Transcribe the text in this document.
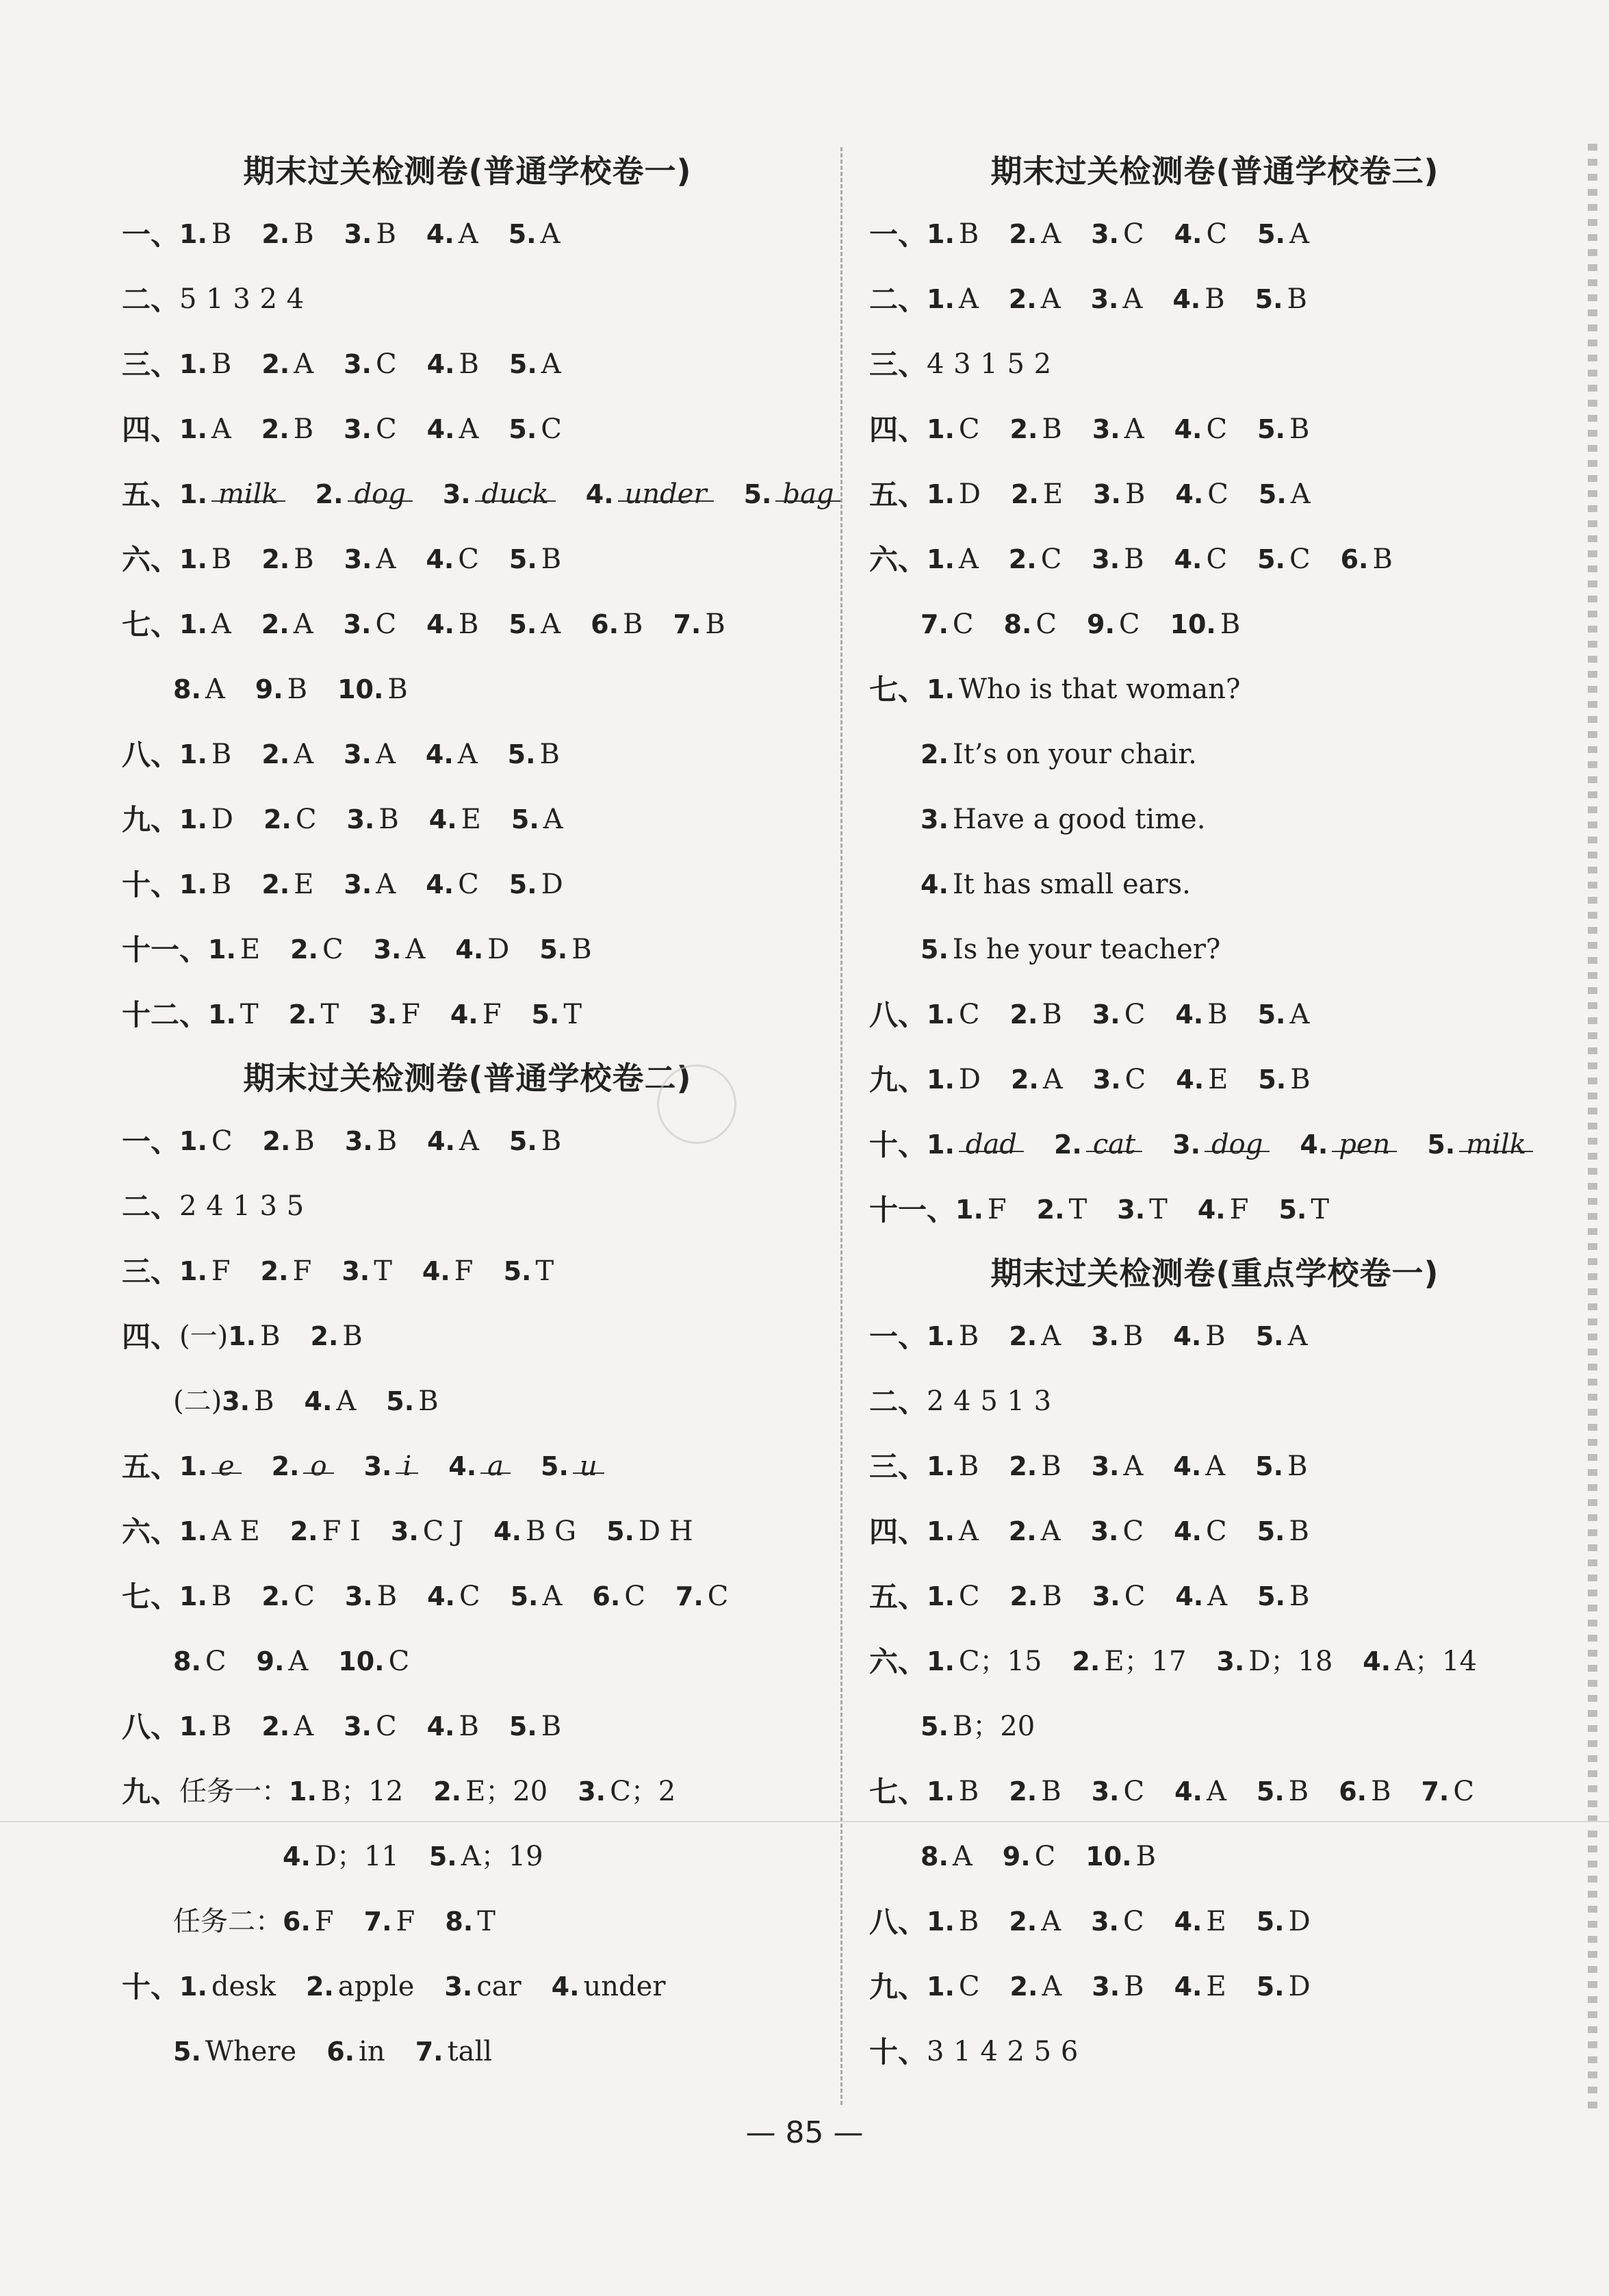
期末过关检测卷(普通学校卷一)
一、 1. B 2. B 3. B 4. A 5. A
二、 5 1 3 2 4
三、 1. B 2. A 3. C 4. B 5. A
四、 1. A 2. B 3. C 4. A 5. C
五、 1. milk 2. dog 3. duck 4. under 5. bag
六、 1. B 2. B 3. A 4. C 5. B
七、 1. A 2. A 3. C 4. B 5. A 6. B 7. B
8. A 9. B 10. B
八、 1. B 2. A 3. A 4. A 5. B
九、 1. D 2. C 3. B 4. E 5. A
十、 1. B 2. E 3. A 4. C 5. D
十一、 1. E 2. C 3. A 4. D 5. B
十二、 1. T 2. T 3. F 4. F 5. T
期末过关检测卷(普通学校卷二)
一、 1. C 2. B 3. B 4. A 5. B
二、 2 4 1 3 5
三、 1. F 2. F 3. T 4. F 5. T
四、 (一) 1. B 2. B
(二) 3. B 4. A 5. B
五、 1. e 2. o 3. i 4. a 5. u
六、 1. A E 2. F I 3. C J 4. B G 5. D H
七、 1. B 2. C 3. B 4. C 5. A 6. C 7. C
8. C 9. A 10. C
八、 1. B 2. A 3. C 4. B 5. B
九、 任务一： 1. B；12 2. E；20 3. C；2
4. D；11 5. A；19
任务二： 6. F 7. F 8. T
十、 1. desk 2. apple 3. car 4. under
5. Where 6. in 7. tall
期末过关检测卷(普通学校卷三)
一、 1. B 2. A 3. C 4. C 5. A
二、 1. A 2. A 3. A 4. B 5. B
三、 4 3 1 5 2
四、 1. C 2. B 3. A 4. C 5. B
五、 1. D 2. E 3. B 4. C 5. A
六、 1. A 2. C 3. B 4. C 5. C 6. B
7. C 8. C 9. C 10. B
七、 1. Who is that woman?
2. It’s on your chair.
3. Have a good time.
4. It has small ears.
5. Is he your teacher?
八、 1. C 2. B 3. C 4. B 5. A
九、 1. D 2. A 3. C 4. E 5. B
十、 1. dad 2. cat 3. dog 4. pen 5. milk
十一、 1. F 2. T 3. T 4. F 5. T
期末过关检测卷(重点学校卷一)
一、 1. B 2. A 3. B 4. B 5. A
二、 2 4 5 1 3
三、 1. B 2. B 3. A 4. A 5. B
四、 1. A 2. A 3. C 4. C 5. B
五、 1. C 2. B 3. C 4. A 5. B
六、 1. C；15 2. E；17 3. D；18 4. A；14
5. B；20
七、 1. B 2. B 3. C 4. A 5. B 6. B 7. C
8. A 9. C 10. B
八、 1. B 2. A 3. C 4. E 5. D
九、 1. C 2. A 3. B 4. E 5. D
十、 3 1 4 2 5 6
— 85 —
